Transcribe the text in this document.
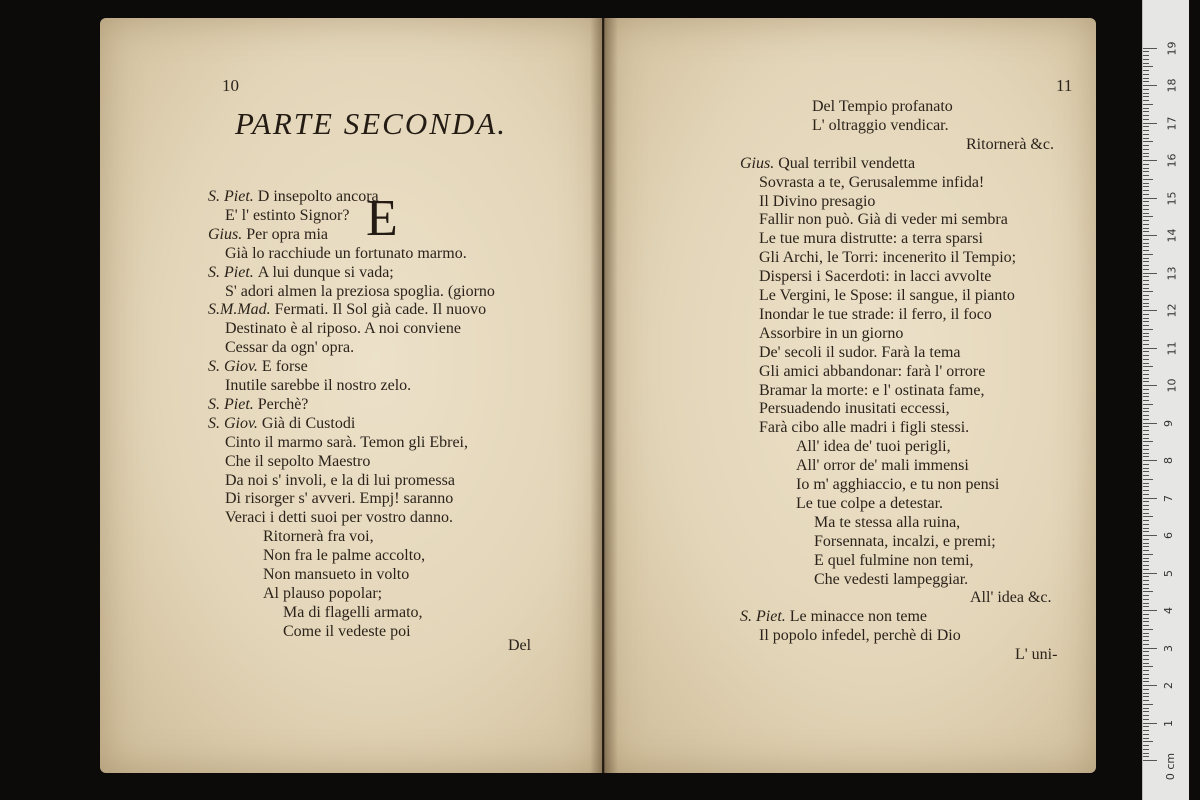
10
PARTE SECONDA.
E
Del
S. Piet. D insepolto ancora
E' l' estinto Signor?
Gius. Per opra mia
Già lo racchiude un fortunato marmo.
S. Piet. A lui dunque si vada;
S' adori almen la preziosa spoglia. (giorno
S.M.Mad. Fermati. Il Sol già cade. Il nuovo
Destinato è al riposo. A noi conviene
Cessar da ogn' opra.
S. Giov. E forse
Inutile sarebbe il nostro zelo.
S. Piet. Perchè?
S. Giov. Già di Custodi
Cinto il marmo sarà. Temon gli Ebrei,
Che il sepolto Maestro
Da noi s' involi, e la di lui promessa
Di risorger s' avveri. Empj! saranno
Veraci i detti suoi per vostro danno.
Ritornerà fra voi,
Non fra le palme accolto,
Non mansueto in volto
Al plauso popolar;
Ma di flagelli armato,
Come il vedeste poi
11
L' uni-
Del Tempio profanato
L' oltraggio vendicar.
Ritornerà &c.
Gius. Qual terribil vendetta
Sovrasta a te, Gerusalemme infida!
Il Divino presagio
Fallir non può. Già di veder mi sembra
Le tue mura distrutte: a terra sparsi
Gli Archi, le Torri: incenerito il Tempio;
Dispersi i Sacerdoti: in lacci avvolte
Le Vergini, le Spose: il sangue, il pianto
Inondar le tue strade: il ferro, il foco
Assorbire in un giorno
De' secoli il sudor. Farà la tema
Gli amici abbandonar: farà l' orrore
Bramar la morte: e l' ostinata fame,
Persuadendo inusitati eccessi,
Farà cibo alle madri i figli stessi.
All' idea de' tuoi perigli,
All' orror de' mali immensi
Io m' agghiaccio, e tu non pensi
Le tue colpe a detestar.
Ma te stessa alla ruina,
Forsennata, incalzi, e premi;
E quel fulmine non temi,
Che vedesti lampeggiar.
All' idea &c.
S. Piet. Le minacce non teme
Il popolo infedel, perchè di Dio
0 cm
1
2
3
4
5
6
7
8
9
10
11
12
13
14
15
16
17
18
19
